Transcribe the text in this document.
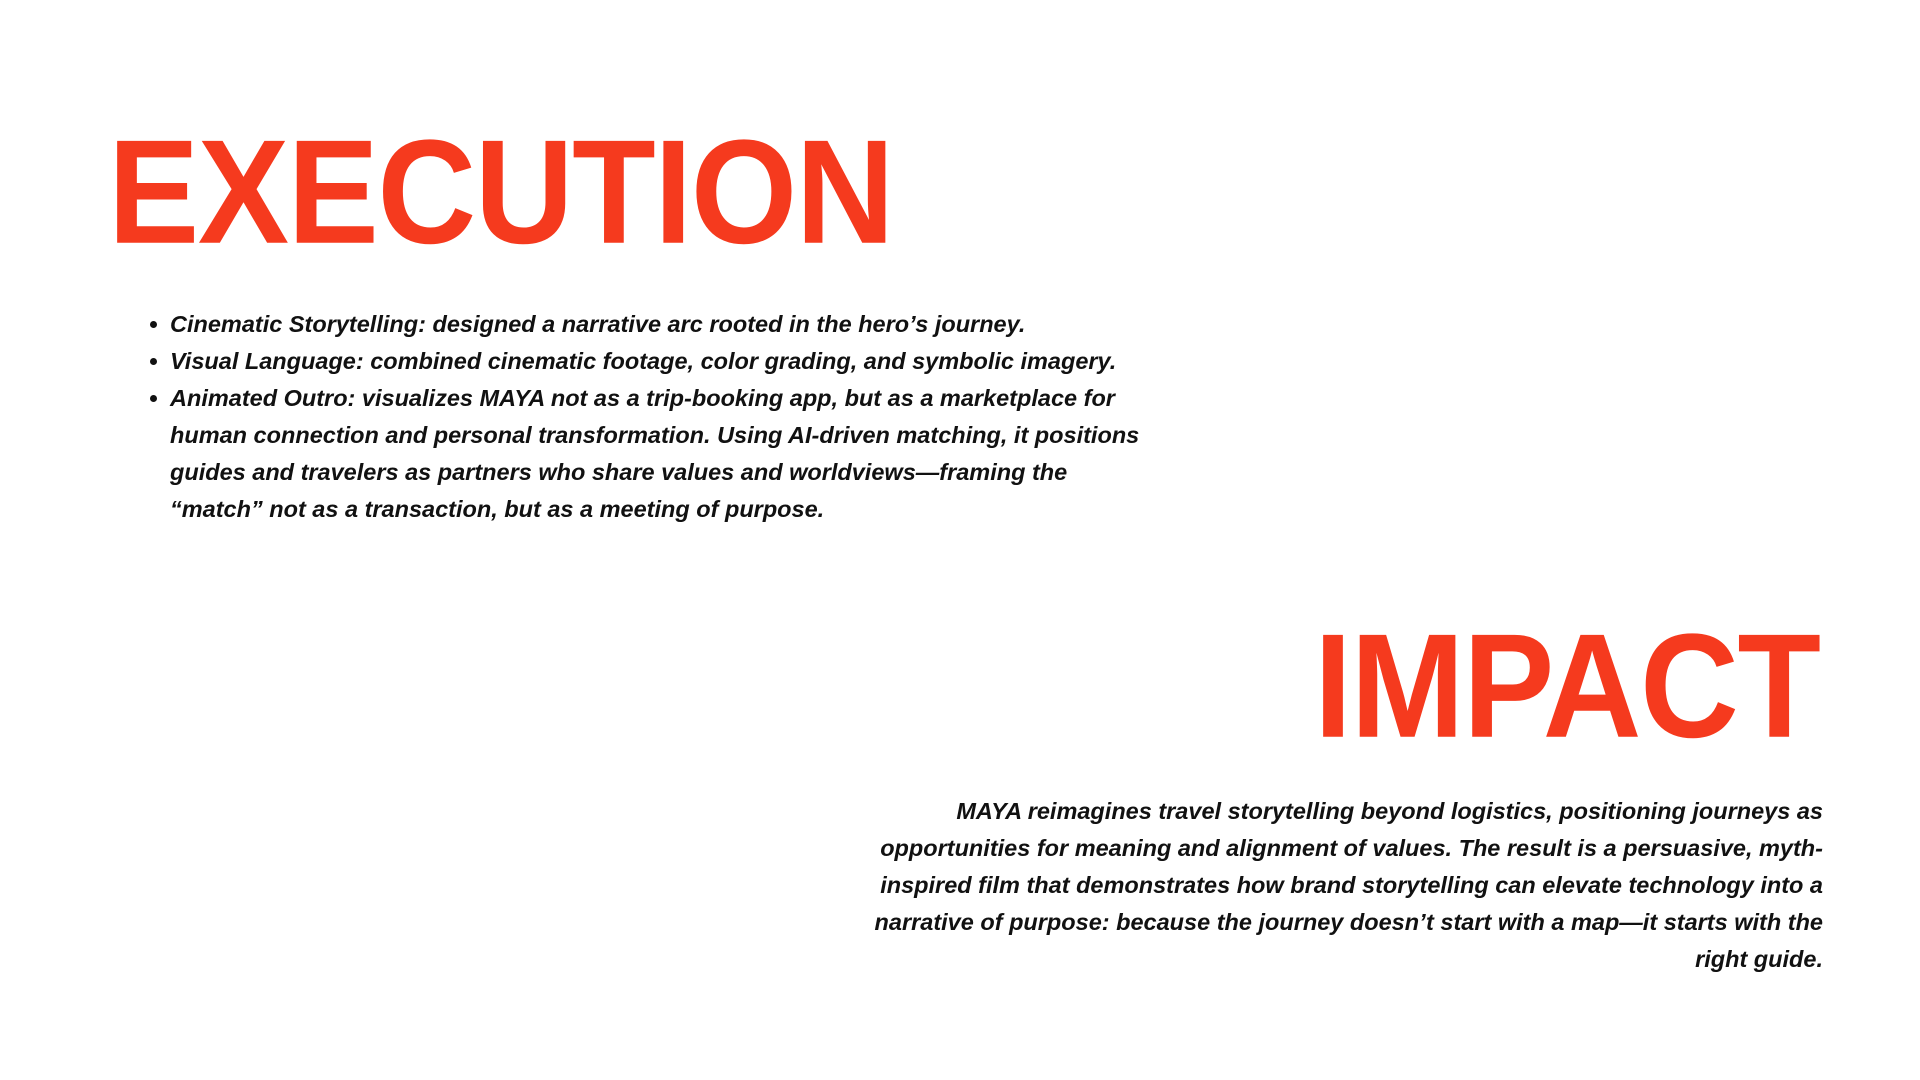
EXECUTION
Cinematic Storytelling: designed a narrative arc rooted in the hero’s journey.
Visual Language: combined cinematic footage, color grading, and symbolic imagery.
Animated Outro: visualizes MAYA not as a trip-booking app, but as a marketplace for human connection and personal transformation. Using AI-driven matching, it positions guides and travelers as partners who share values and worldviews—framing the “match” not as a transaction, but as a meeting of purpose.
IMPACT

MAYA reimagines travel storytelling beyond logistics, positioning journeys as opportunities for meaning and alignment of values. The result is a persuasive, myth-inspired film that demonstrates how brand storytelling can elevate technology into a narrative of purpose: because the journey doesn’t start with a map—it starts with the right guide.
